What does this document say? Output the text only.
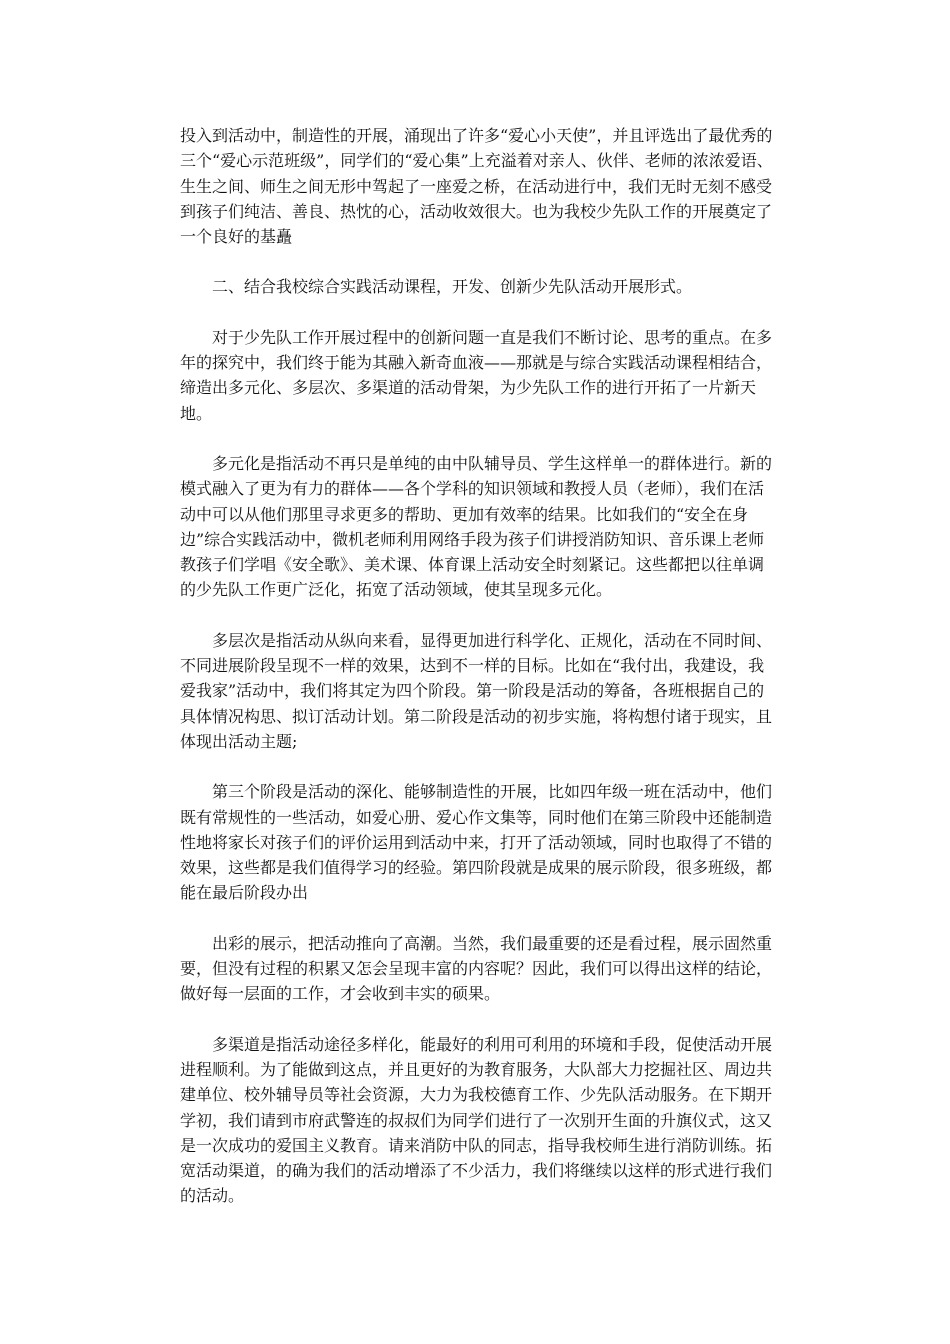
投入到活动中，制造性的开展，涌现出了许多“爱心小天使”，并且评选出了最优秀的三个“爱心示范班级”，同学们的“爱心集”上充溢着对亲人、伙伴、老师的浓浓爱语、生生之间、师生之间无形中驾起了一座爱之桥，在活动进行中，我们无时无刻不感受到孩子们纯洁、善良、热忱的心，活动收效很大。也为我校少先队工作的开展奠定了一个良好的基矗

二、结合我校综合实践活动课程，开发、创新少先队活动开展形式。

对于少先队工作开展过程中的创新问题一直是我们不断讨论、思考的重点。在多年的探究中，我们终于能为其融入新奇血液——那就是与综合实践活动课程相结合，缔造出多元化、多层次、多渠道的活动骨架，为少先队工作的进行开拓了一片新天地。

多元化是指活动不再只是单纯的由中队辅导员、学生这样单一的群体进行。新的模式融入了更为有力的群体——各个学科的知识领域和教授人员（老师），我们在活动中可以从他们那里寻求更多的帮助、更加有效率的结果。比如我们的“安全在身边”综合实践活动中，微机老师利用网络手段为孩子们讲授消防知识、音乐课上老师教孩子们学唱《安全歌》、美术课、体育课上活动安全时刻紧记。这些都把以往单调的少先队工作更广泛化，拓宽了活动领域，使其呈现多元化。

多层次是指活动从纵向来看，显得更加进行科学化、正规化，活动在不同时间、不同进展阶段呈现不一样的效果，达到不一样的目标。比如在“我付出，我建设，我爱我家”活动中，我们将其定为四个阶段。第一阶段是活动的筹备，各班根据自己的具体情况构思、拟订活动计划。第二阶段是活动的初步实施，将构想付诸于现实，且体现出活动主题;

第三个阶段是活动的深化、能够制造性的开展，比如四年级一班在活动中，他们既有常规性的一些活动，如爱心册、爱心作文集等，同时他们在第三阶段中还能制造性地将家长对孩子们的评价运用到活动中来，打开了活动领域，同时也取得了不错的效果，这些都是我们值得学习的经验。第四阶段就是成果的展示阶段，很多班级，都能在最后阶段办出

出彩的展示，把活动推向了高潮。当然，我们最重要的还是看过程，展示固然重要，但没有过程的积累又怎会呈现丰富的内容呢？因此，我们可以得出这样的结论，做好每一层面的工作，才会收到丰实的硕果。

多渠道是指活动途径多样化，能最好的利用可利用的环境和手段，促使活动开展进程顺利。为了能做到这点，并且更好的为教育服务，大队部大力挖掘社区、周边共建单位、校外辅导员等社会资源，大力为我校德育工作、少先队活动服务。在下期开学初，我们请到市府武警连的叔叔们为同学们进行了一次别开生面的升旗仪式，这又是一次成功的爱国主义教育。请来消防中队的同志，指导我校师生进行消防训练。拓宽活动渠道，的确为我们的活动增添了不少活力，我们将继续以这样的形式进行我们的活动。
